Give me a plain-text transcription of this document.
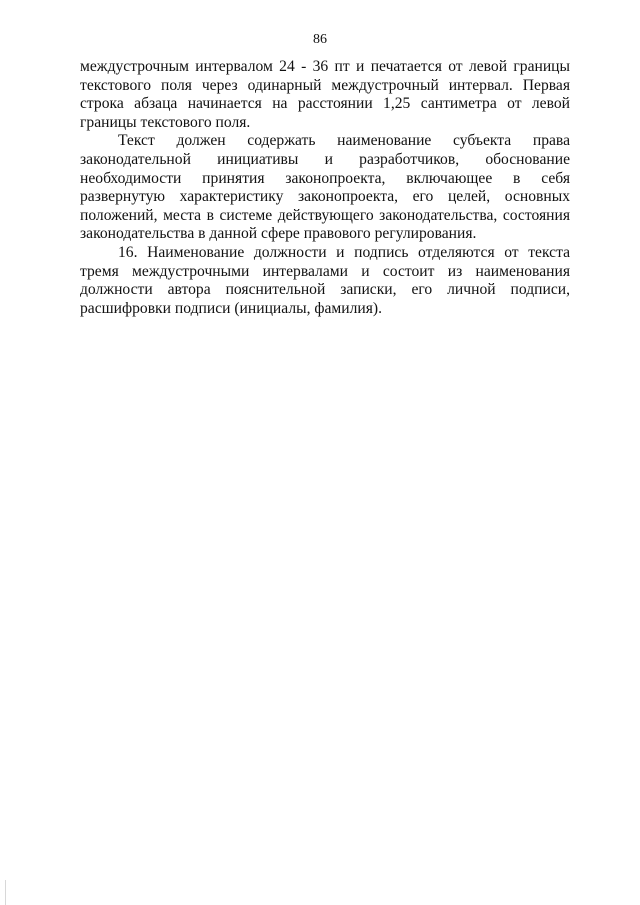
86

междустрочным интервалом 24 - 36 пт и печатается от левой границы текстового поля через одинарный междустрочный интервал. Первая строка абзаца начинается на расстоянии 1,25 сантиметра от левой границы текстового поля.

Текст должен содержать наименование субъекта права законодательной инициативы и разработчиков, обоснование необходимости принятия законопроекта, включающее в себя развернутую характеристику законопроекта, его целей, основных положений, места в системе действующего законодательства, состояния законодательства в данной сфере правового регулирования.

16. Наименование должности и подпись отделяются от текста тремя междустрочными интервалами и состоит из наименования должности автора пояснительной записки, его личной подписи, расшифровки подписи (инициалы, фамилия).
